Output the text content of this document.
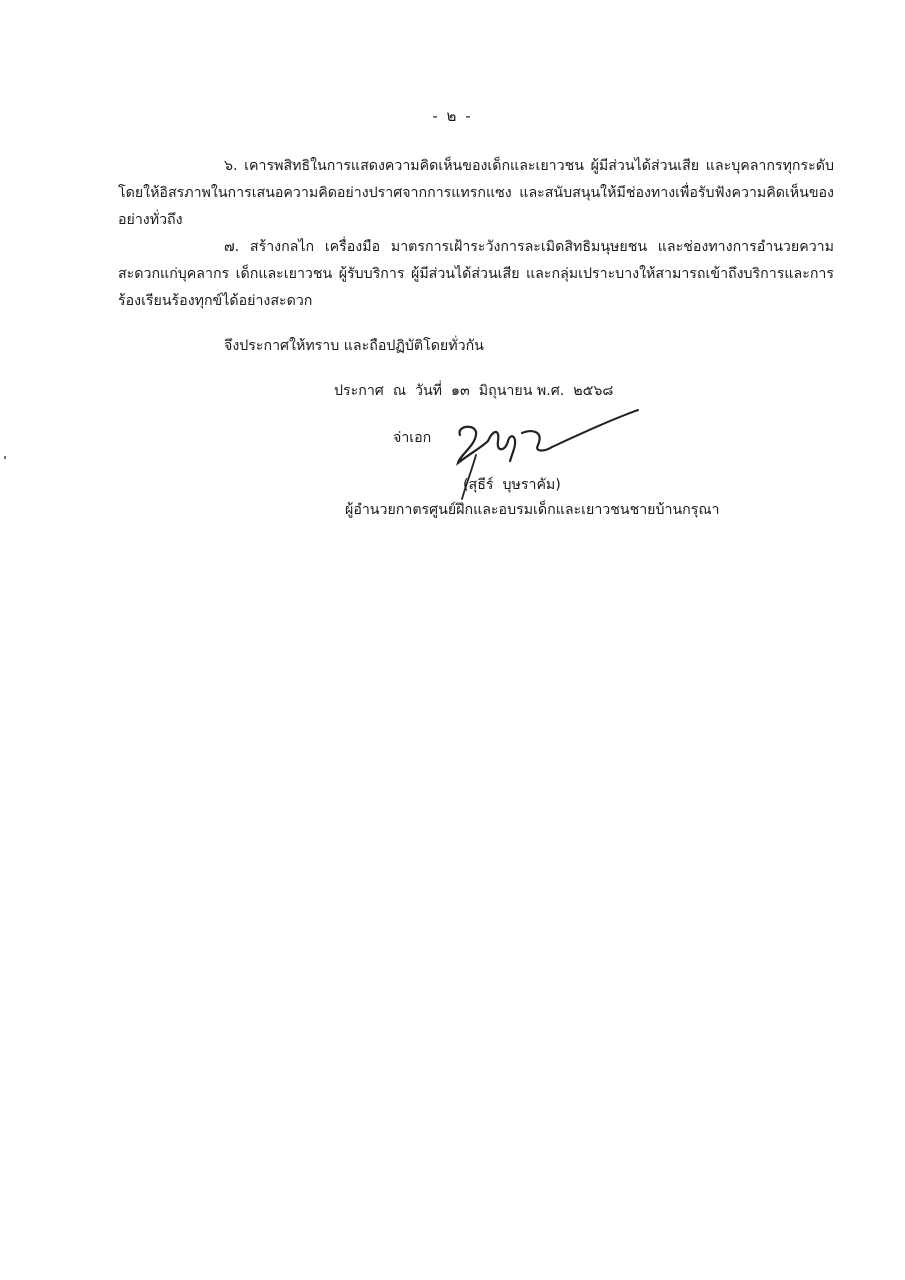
- ๒ -
๖. เคารพสิทธิในการแสดงความคิดเห็นของเด็กและเยาวชน ผู้มีส่วนได้ส่วนเสีย และบุคลากรทุกระดับ โดยให้อิสรภาพในการเสนอความคิดอย่างปราศจากการแทรกแซง และสนับสนุนให้มีช่องทางเพื่อรับฟังความคิดเห็นของอย่างทั่วถึง
๗. สร้างกลไก เครื่องมือ มาตรการเฝ้าระวังการละเมิดสิทธิมนุษยชน และช่องทางการอำนวยความสะดวกแก่บุคลากร เด็กและเยาวชน ผู้รับบริการ ผู้มีส่วนได้ส่วนเสีย และกลุ่มเปราะบางให้สามารถเข้าถึงบริการและการร้องเรียนร้องทุกข์ได้อย่างสะดวก
จึงประกาศให้ทราบ และถือปฏิบัติโดยทั่วกัน
ประกาศ  ณ  วันที่  ๑๓  มิถุนายน พ.ศ.  ๒๕๖๘
จ่าเอก
(สุธีร์  บุษราคัม)
ผู้อำนวยกาตรศูนย์ฝึกและอบรมเด็กและเยาวชนชายบ้านกรุณา
